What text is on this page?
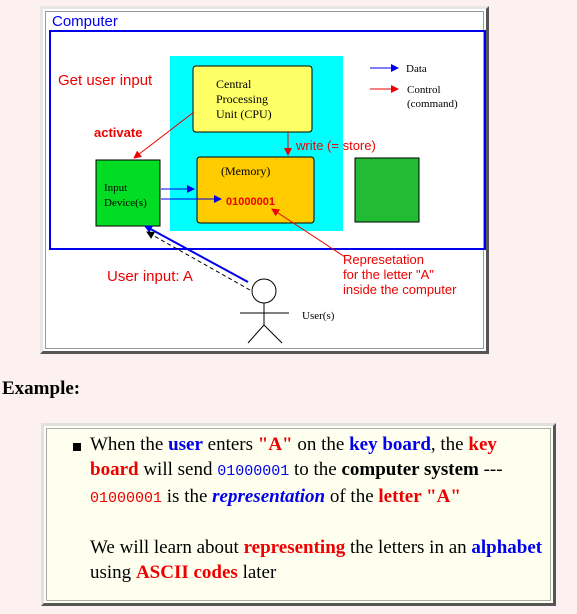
Computer
Central Processing Unit (CPU)
(Memory)
01000001
Input Device(s)
Get user input
activate
write (= store)
Data
Control (command)
User input: A
Represetation for the letter "A" inside the computer
User(s)
Example:

When the user enters "A" on the key board, the key board will send 01000001 to the computer system --- 01000001 is the representation of the letter "A"

We will learn about representing the letters in an alphabet using ASCII codes later
